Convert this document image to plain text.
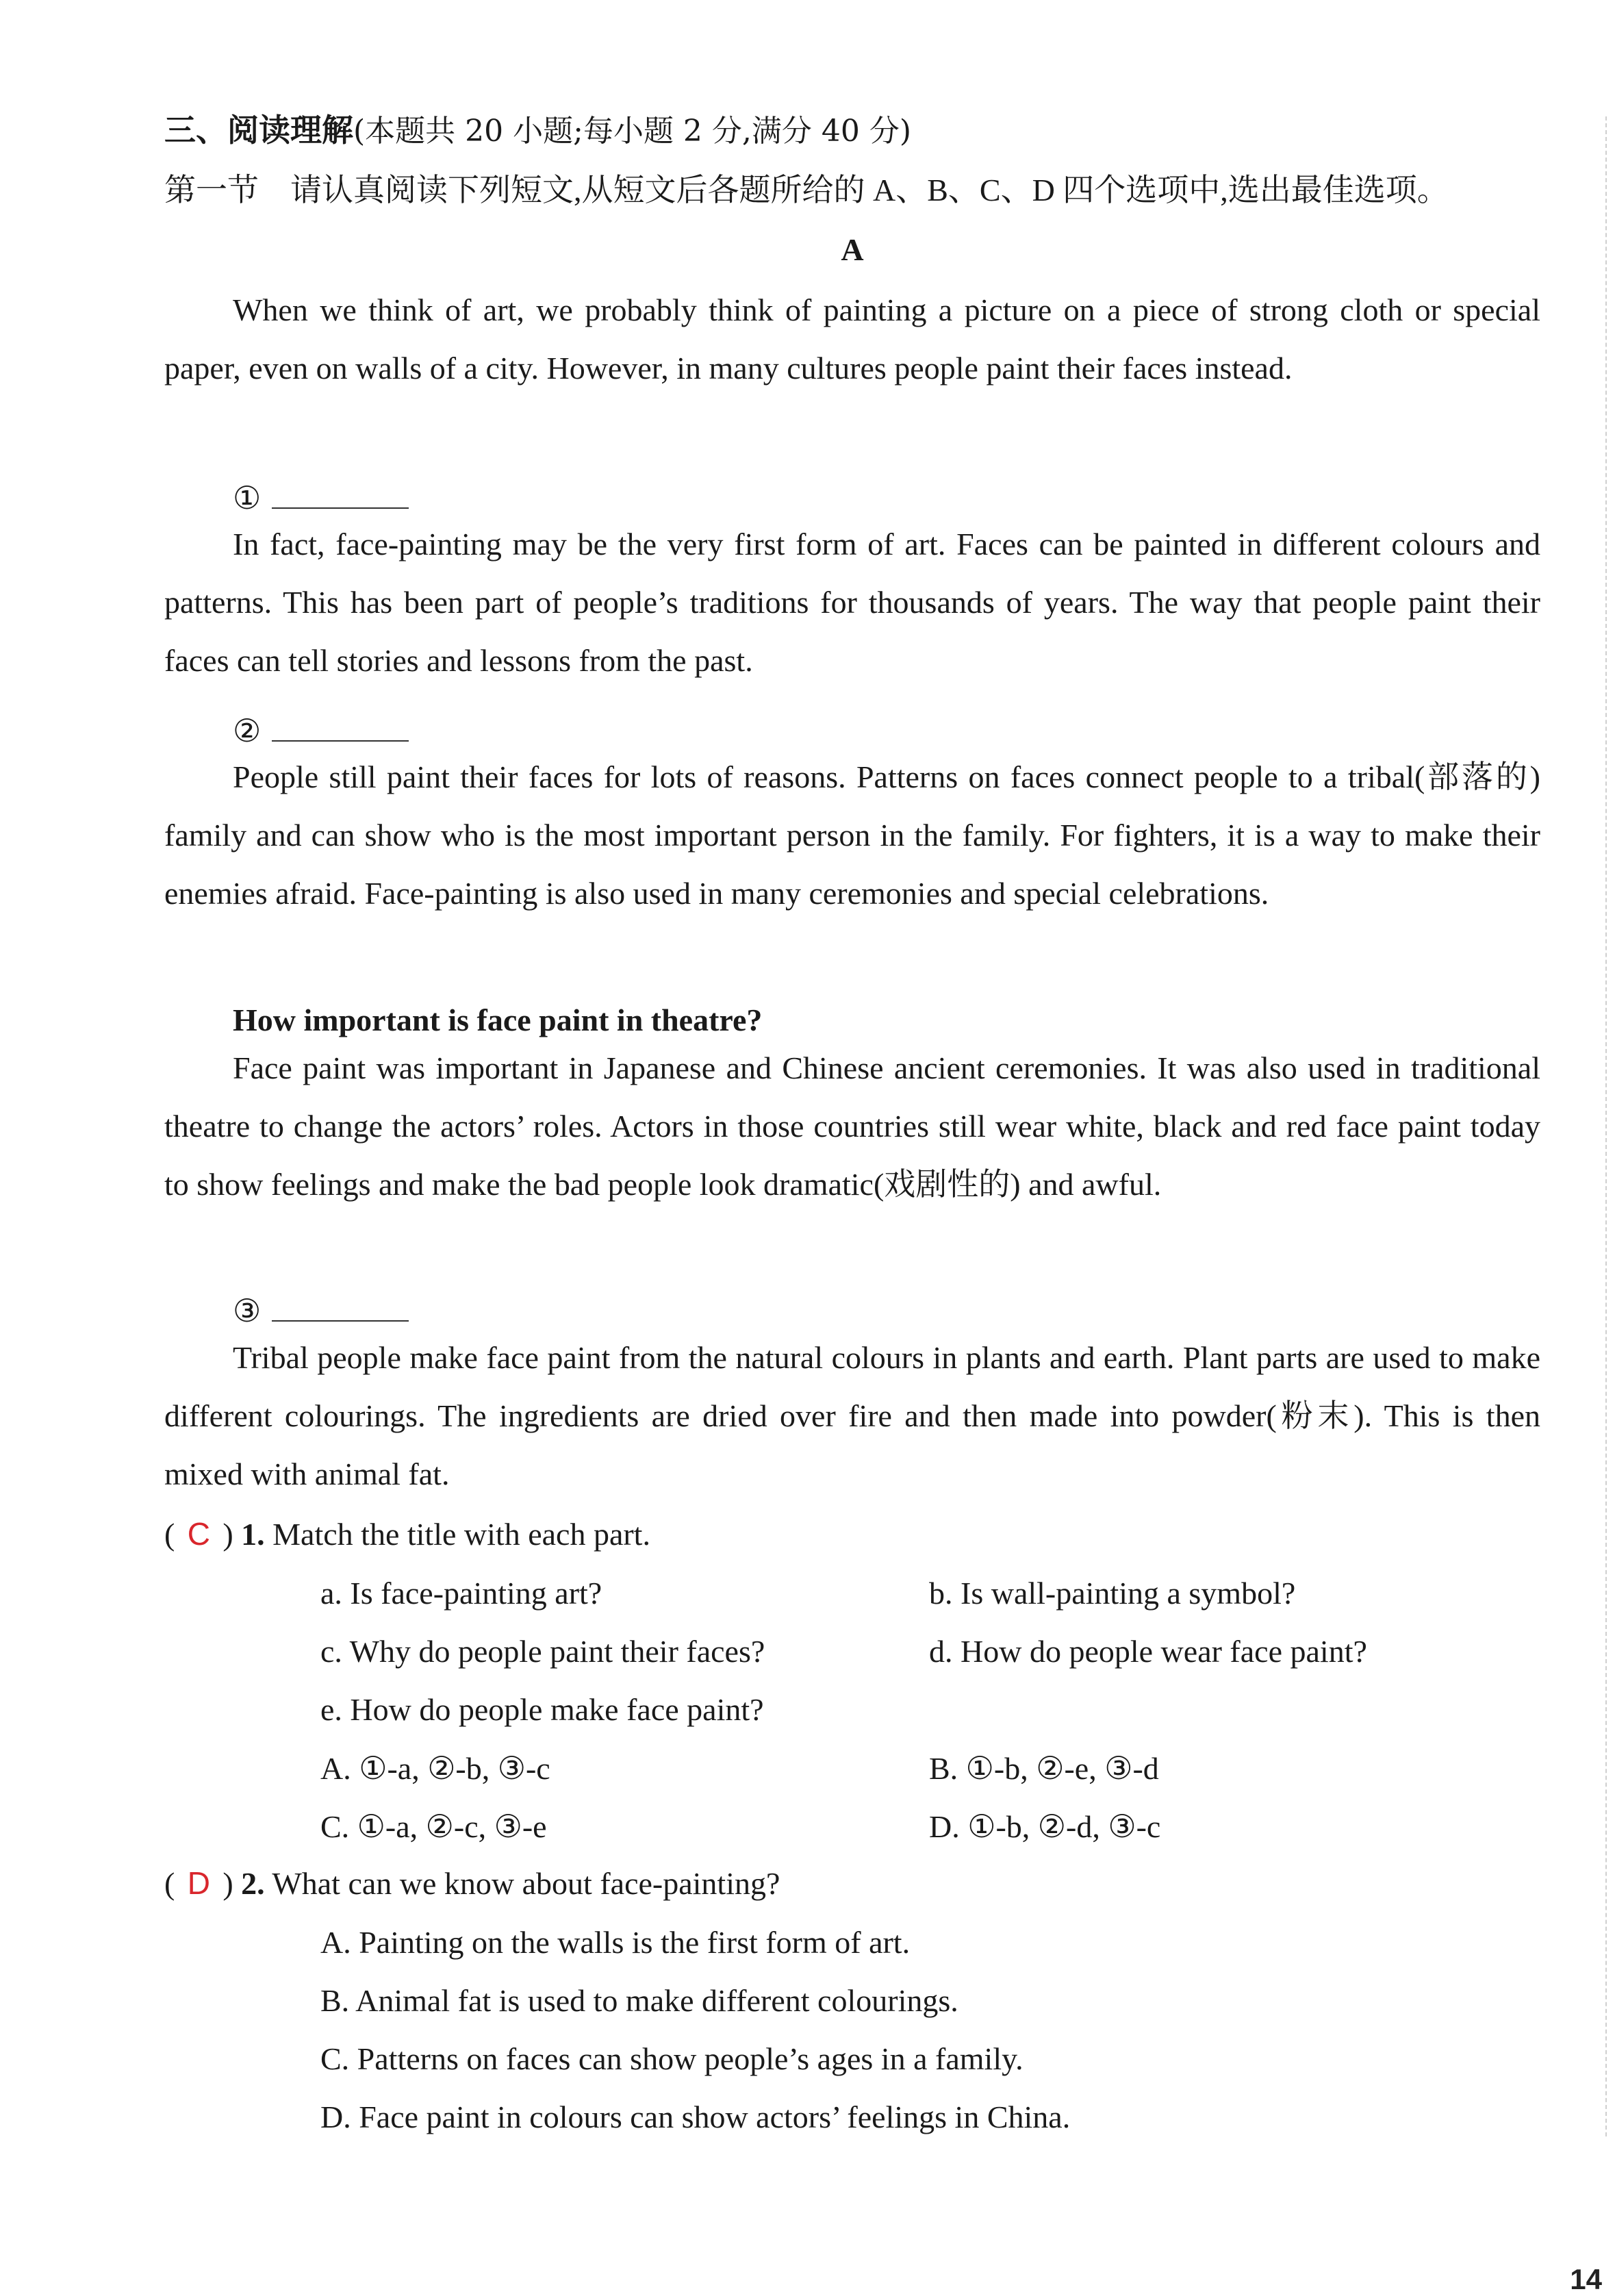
三、阅读理解(本题共 20 小题;每小题 2 分,满分 40 分)
第一节　请认真阅读下列短文,从短文后各题所给的 A、B、C、D 四个选项中,选出最佳选项。
A
When we think of art, we probably think of painting a picture on a piece of strong cloth or special paper, even on walls of a city. However, in many cultures people paint their faces instead.
①
In fact, face-painting may be the very first form of art. Faces can be painted in different colours and patterns. This has been part of people’s traditions for thousands of years. The way that people paint their faces can tell stories and lessons from the past.
②
People still paint their faces for lots of reasons. Patterns on faces connect people to a tribal(部落的) family and can show who is the most important person in the family. For fighters, it is a way to make their enemies afraid. Face-painting is also used in many ceremonies and special celebrations.
How important is face paint in theatre?
Face paint was important in Japanese and Chinese ancient ceremonies. It was also used in traditional theatre to change the actors’ roles. Actors in those countries still wear white, black and red face paint today to show feelings and make the bad people look dramatic(戏剧性的) and awful.
③
Tribal people make face paint from the natural colours in plants and earth. Plant parts are used to make different colourings. The ingredients are dried over fire and then made into powder(粉末). This is then mixed with animal fat.
( C ) 1. Match the title with each part.
a. Is face-painting art?	b. Is wall-painting a symbol?
c. Why do people paint their faces?	d. How do people wear face paint?
e. How do people make face paint?
A. ①-a, ②-b, ③-c	B. ①-b, ②-e, ③-d
C. ①-a, ②-c, ③-e	D. ①-b, ②-d, ③-c
( D ) 2. What can we know about face-painting?
A. Painting on the walls is the first form of art.
B. Animal fat is used to make different colourings.
C. Patterns on faces can show people’s ages in a family.
D. Face paint in colours can show actors’ feelings in China.
14
